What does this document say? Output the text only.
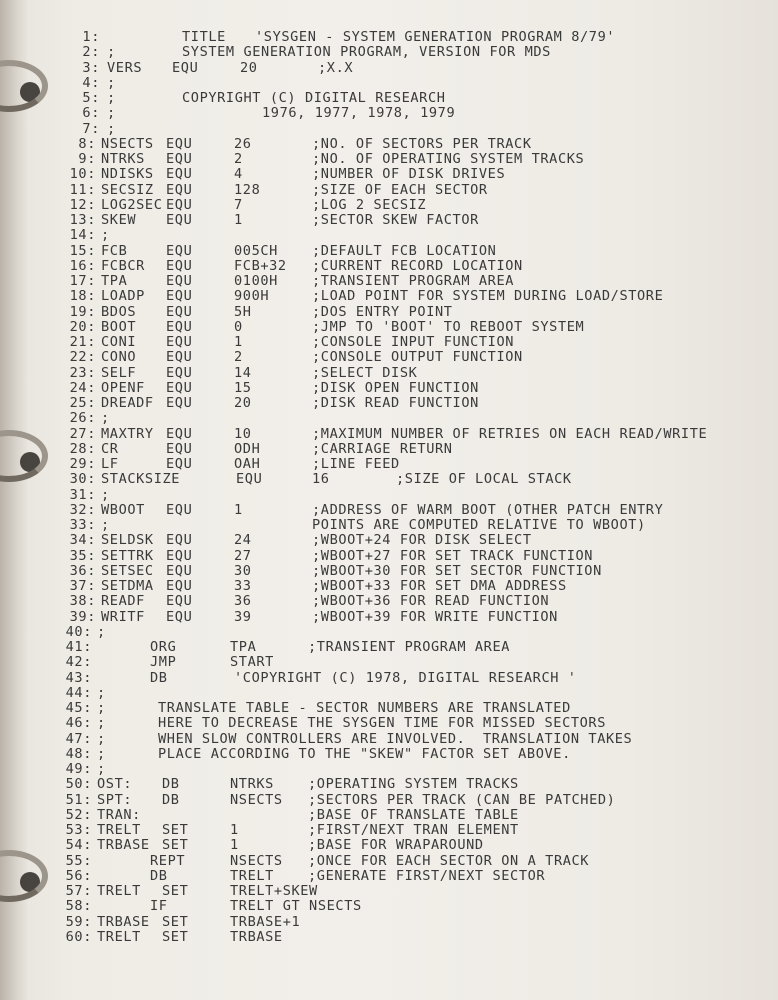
1:	TITLE 'SYSGEN - SYSTEM GENERATION PROGRAM 8/79'
2: ;	SYSTEM GENERATION PROGRAM, VERSION FOR MDS
3: VERS EQU	20	;X.X
4: ;
5: ;	COPYRIGHT (C) DIGITAL RESEARCH
6: ;	1976, 1977, 1978, 1979
7: ;
8: NSECTS EQU	26	;NO. OF SECTORS PER TRACK
9: NTRKS EQU	2	;NO. OF OPERATING SYSTEM TRACKS
10: NDISKS EQU	4	;NUMBER OF DISK DRIVES
11: SECSIZ EQU	128	;SIZE OF EACH SECTOR
12: LOG2SEC EQU	7	;LOG 2 SECSIZ
13: SKEW EQU	1	;SECTOR SKEW FACTOR
14: ;
15: FCB	EQU	005CH	;DEFAULT FCB LOCATION
16: FCBCR EQU	FCB+32 ;CURRENT RECORD LOCATION
17: TPA	EQU	0100H	;TRANSIENT PROGRAM AREA
18: LOADP EQU	900H	;LOAD POINT FOR SYSTEM DURING LOAD/STORE
19: BDOS EQU	5H	;DOS ENTRY POINT
20: BOOT EQU	0	;JMP TO 'BOOT' TO REBOOT SYSTEM
21: CONI EQU	1	;CONSOLE INPUT FUNCTION
22: CONO EQU	2	;CONSOLE OUTPUT FUNCTION
23: SELF EQU	14	;SELECT DISK
24: OPENF EQU	15	;DISK OPEN FUNCTION
25: DREADF EQU	20	;DISK READ FUNCTION
26: ;
27: MAXTRY EQU	10	;MAXIMUM NUMBER OF RETRIES ON EACH READ/WRITE
28: CR	EQU	ODH	;CARRIAGE RETURN
29: LF	EQU	OAH	;LINE FEED
30: STACKSIZE	EQU	16	;SIZE OF LOCAL STACK
31: ;
32: WBOOT EQU	1	;ADDRESS OF WARM BOOT (OTHER PATCH ENTRY
33: ;	POINTS ARE COMPUTED RELATIVE TO WBOOT)
34: SELDSK EQU	24	;WBOOT+24 FOR DISK SELECT
35: SETTRK EQU	27	;WBOOT+27 FOR SET TRACK FUNCTION
36: SETSEC EQU	30	;WBOOT+30 FOR SET SECTOR FUNCTION
37: SETDMA EQU	33	;WBOOT+33 FOR SET DMA ADDRESS
38: READF EQU	36	;WBOOT+36 FOR READ FUNCTION
39: WRITF EQU	39	;WBOOT+39 FOR WRITE FUNCTION
40: ;
41:	ORG	TPA	;TRANSIENT PROGRAM AREA
42:	JMP	START
43:	DB	'COPYRIGHT (C) 1978, DIGITAL RESEARCH '
44: ;
45: ;	TRANSLATE TABLE - SECTOR NUMBERS ARE TRANSLATED
46: ;	HERE TO DECREASE THE SYSGEN TIME FOR MISSED SECTORS
47: ;	WHEN SLOW CONTROLLERS ARE INVOLVED.  TRANSLATION TAKES
48: ;	PLACE ACCORDING TO THE "SKEW" FACTOR SET ABOVE.
49: ;
50: OST: DB	NTRKS	;OPERATING SYSTEM TRACKS
51: SPT: DB	NSECTS ;SECTORS PER TRACK (CAN BE PATCHED)
52: TRAN:	;BASE OF TRANSLATE TABLE
53: TRELT SET	1	;FIRST/NEXT TRAN ELEMENT
54: TRBASE SET	1	;BASE FOR WRAPAROUND
55:	REPT	NSECTS ;ONCE FOR EACH SECTOR ON A TRACK
56:	DB	TRELT	;GENERATE FIRST/NEXT SECTOR
57: TRELT SET	TRELT+SKEW
58:	IF	TRELT GT NSECTS
59: TRBASE SET	TRBASE+1
60: TRELT SET	TRBASE
